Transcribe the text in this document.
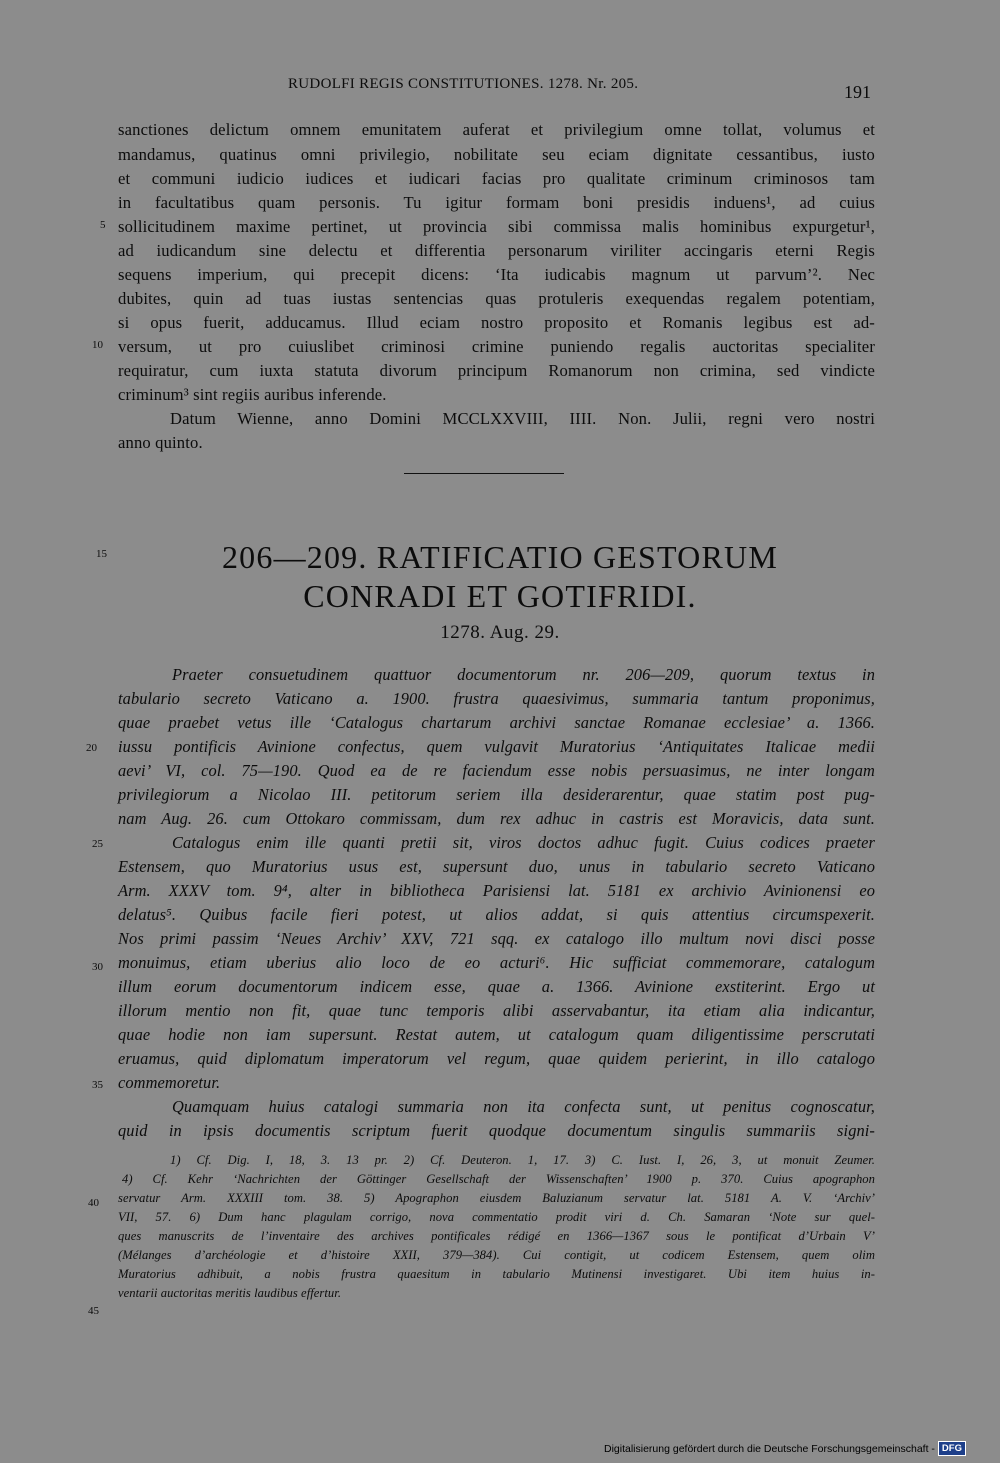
RUDOLFI REGIS CONSTITUTIONES. 1278. Nr. 205.	191
sanctiones delictum omnem emunitatem auferat et privilegium omne tollat, volumus et
mandamus, quatinus omni privilegio, nobilitate seu eciam dignitate cessantibus, iusto
et communi iudicio iudices et iudicari facias pro qualitate criminum criminosos tam
in facultatibus quam personis. Tu igitur formam boni presidis induens¹, ad cuius
sollicitudinem maxime pertinet, ut provincia sibi commissa malis hominibus expurgetur¹,
ad iudicandum sine delectu et differentia personarum viriliter accingaris eterni Regis
sequens imperium, qui precepit dicens: ‘Ita iudicabis magnum ut parvum’². Nec
dubites, quin ad tuas iustas sentencias quas protuleris exequendas regalem potentiam,
si opus fuerit, adducamus. Illud eciam nostro proposito et Romanis legibus est ad-
versum, ut pro cuiuslibet criminosi crimine puniendo regalis auctoritas specialiter
requiratur, cum iuxta statuta divorum principum Romanorum non crimina, sed vindicte
criminum³ sint regiis auribus inferende.
Datum Wienne, anno Domini MCCLXXVIII, IIII. Non. Julii, regni vero nostri
anno quinto.
5
10
15
20
25
30
35
40
45
206—209. RATIFICATIO GESTORUM
CONRADI ET GOTIFRIDI.
1278. Aug. 29.
Praeter consuetudinem quattuor documentorum nr. 206—209, quorum textus in
tabulario secreto Vaticano a. 1900. frustra quaesivimus, summaria tantum proponimus,
quae praebet vetus ille ‘Catalogus chartarum archivi sanctae Romanae ecclesiae’ a. 1366.
iussu pontificis Avinione confectus, quem vulgavit Muratorius ‘Antiquitates Italicae medii
aevi’ VI, col. 75—190. Quod ea de re faciendum esse nobis persuasimus, ne inter longam
privilegiorum a Nicolao III. petitorum seriem illa desiderarentur, quae statim post pug-
nam Aug. 26. cum Ottokaro commissam, dum rex adhuc in castris est Moravicis, data sunt.
Catalogus enim ille quanti pretii sit, viros doctos adhuc fugit. Cuius codices praeter
Estensem, quo Muratorius usus est, supersunt duo, unus in tabulario secreto Vaticano
Arm. XXXV tom. 9⁴, alter in bibliotheca Parisiensi lat. 5181 ex archivio Avinionensi eo
delatus⁵. Quibus facile fieri potest, ut alios addat, si quis attentius circumspexerit.
Nos primi passim ‘Neues Archiv’ XXV, 721 sqq. ex catalogo illo multum novi disci posse
monuimus, etiam uberius alio loco de eo acturi⁶. Hic sufficiat commemorare, catalogum
illum eorum documentorum indicem esse, quae a. 1366. Avinione exstiterint. Ergo ut
illorum mentio non fit, quae tunc temporis alibi asservabantur, ita etiam alia indicantur,
quae hodie non iam supersunt. Restat autem, ut catalogum quam diligentissime perscrutati
eruamus, quid diplomatum imperatorum vel regum, quae quidem perierint, in illo catalogo
commemoretur.
Quamquam huius catalogi summaria non ita confecta sunt, ut penitus cognoscatur,
quid in ipsis documentis scriptum fuerit quodque documentum singulis summariis signi-
1) Cf. Dig. I, 18, 3. 13 pr. 2) Cf. Deuteron. 1, 17. 3) C. Iust. I, 26, 3, ut monuit Zeumer.
4) Cf. Kehr ‘Nachrichten der Göttinger Gesellschaft der Wissenschaften’ 1900 p. 370. Cuius apographon
servatur Arm. XXXIII tom. 38. 5) Apographon eiusdem Baluzianum servatur lat. 5181 A. V. ‘Archiv’
VII, 57. 6) Dum hanc plagulam corrigo, nova commentatio prodit viri d. Ch. Samaran ‘Note sur quel-
ques manuscrits de l’inventaire des archives pontificales rédigé en 1366—1367 sous le pontificat d’Urbain V’
(Mélanges d’archéologie et d’histoire XXII, 379—384). Cui contigit, ut codicem Estensem, quem olim
Muratorius adhibuit, a nobis frustra quaesitum in tabulario Mutinensi investigaret. Ubi item huius in-
ventarii auctoritas meritis laudibus effertur.
Digitalisierung gefördert durch die Deutsche Forschungsgemeinschaft - DFG
